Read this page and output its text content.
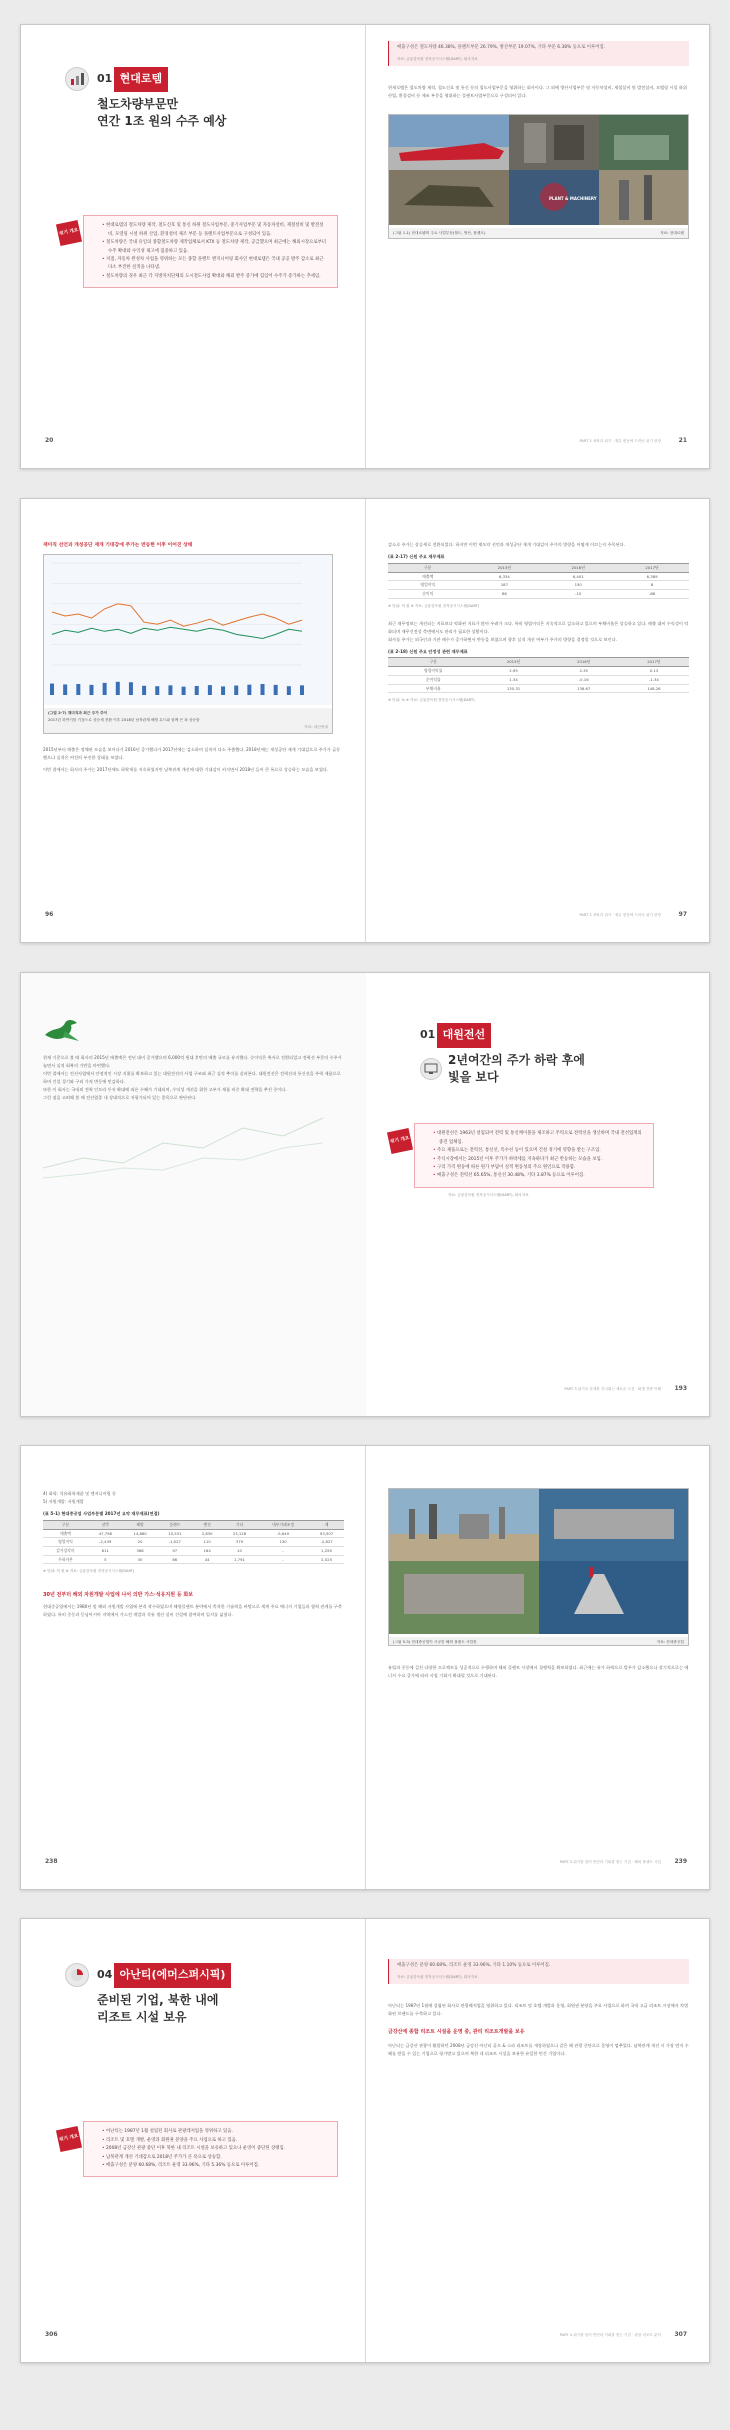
01 현대로템
철도차량부문만
연간 1조 원의 수주 예상
위기 개요
• 현대로템의 철도차량 제작, 철도신호 및 통신 하위 철도사업부문, 중기사업부문 및 자동차설비, 제철설비 및 발전설비, 모델링 시설 하위 산업, 환경설비 제조 부문 등 플랜트사업부문으로 구성되어 있음.
• 철도차량은 국내 유일의 종합철도차량 제작업체로서 KTX 등 철도차량 제작, 공급했으며 최근에는 해외시장으로부터 수주 확대와 수익성 제고에 집중하고 있음.
• 저점, 자동차 완성차 사업을 영위하는 모든 종합 플랜트 엔지니어링 회사인 현대로템은 국내 공공 발주 감소로 최근 다소 부진한 실적을 나타냄.
• 철도차량의 경우 최근 각 지방자치단체의 도시철도사업 확대와 해외 발주 증가에 힘입어 수주가 증가하는 추세임.
20
매출구성은 철도차량 46.38%, 플랜트부문 26.79%, 방산부문 19.07%, 기타 부문 6.38% 등으로 이루어짐.
자료: 금융감독원 전자공시시스템(DART), 회사자료

현재로템은 철도차량 제작, 철도신호 및 통신 등의 철도사업부문을 영위하는 회사이다. 그 외에 방산사업부문 및 자동차설비, 제철설비 및 발전설비, 모델링 시설 하위 산업, 환경설비 등 제조 부문을 영위하는 플랜트사업부문으로 구성되어 있다.

PLANT & MACHINERY
(그림 1-1) 현대로템의 주요 사업부문(철도, 방산, 플랜트)	자료: 현대로템
PART 2 쇠락과 위기 · 재무 변동에 드러난 위기 현장	21
재미직 선언과 개성공단 재개 기대감에 주가는 반등한 이후 이어진 상태
(그림 2-7) 재미직과 최근 주가 추이
2017년 하반기를 기점으로 상승세 전환 이후 2018년 남북관계 해빙 무드와 함께 큰 폭 상승함
자료: 대신증권

2015년부터 매출은 정체된 모습을 보이다가 2016년 증가했다가 2017년에는 감소하며 실적이 다소 주춤했다. 2018년에는 개성공단 재개 기대감으로 주가가 급등했으나 실적은 여전히 부진한 상태를 보였다.

이번 절에서는 회사의 주가는 2017년에도 하락세를 지속하였지만 남북관계 개선에 대한 기대감이 커지면서 2018년 들어 큰 폭으로 상승하는 모습을 보였다.

96

감소로 주가는 상승세로 전환되었다. 하지만 이번 재도약 선언과 개성공단 재개 기대감이 주가의 방향을 어떻게 이끄는지 주목된다.

(표 2-17) 신원 주요 재무제표
구분	2015년	2016년	2017년
매출액	6,334	6,401	6,389
영업이익	187	150	8
순이익	86	-10	-86
※ 단위: 억 원 ※ 자료: 금융감독원 전자공시시스템(DART)

최근 재무정보는 개선되는 지표보다 악화된 지표가 많아 우려가 크다. 특히 영업이익은 지속적으로 감소하고 있으며 부채비율은 상승하고 있다. 매출 대비 수익성이 악화되며 재무건전성 측면에서도 관리가 필요한 상황이다.

회사를 주가는 외국인과 기관 매수가 증가하면서 반등을 보였으며 향후 실적 개선 여부가 주가의 방향을 결정할 것으로 보인다.

(표 2-18) 신원 주요 안정성 관련 재무제표
구분	2015년	2016년	2017년
영업이익률	2.95	2.35	0.13
순이익률	1.34	-0.16	-1.34
부채비율	135.31	138.67	148.26
※ 단위: % ※ 자료: 금융감독원 전자공시시스템(DART)
PART 2 쇠락과 위기 · 재무 변동에 드러난 위기 현장	97

현재 기준으로 볼 때 회사의 2015년 매출액은 전년 대비 증가했으며 6,000억 원대 후반의 매출 규모를 유지했다. 순이익은 흑자로 전환되었고 전력선 부문의 수주가 늘면서 실적 회복의 기반을 마련했다.

이번 절에서는 전선사업에서 안정적인 시장 지위를 확보하고 있는 대원전선의 사업 구조와 최근 실적 추이를 살펴본다. 대원전선은 전력선과 통신선을 주력 제품으로 하며 건설 경기와 구리 가격 변동에 민감하다.

또한 이 회사는 국내외 전력 인프라 투자 확대에 따른 수혜가 기대되며, 수익성 개선을 위한 고부가 제품 비중 확대 전략을 추진 중이다.

그런 점을 고려해 볼 때 전선업종 내 상대적으로 저평가되어 있는 종목으로 판단된다.

01 대원전선
2년여간의 주가 하락 후에
빛을 보다
위기 개요
• 대원전선은 1963년 설립되어 전력 및 통신케이블을 제조하고 주력으로 전력선을 생산하며 국내 전선업계의 중견 업체임.
• 주요 제품으로는 전력선, 통신선, 특수선 등이 있으며 건설 경기에 영향을 받는 구조임.
• 주식시장에서는 2015년 이후 주가가 하락세를 지속하다가 최근 반등하는 모습을 보임.
• 구리 가격 변동에 따른 원가 부담이 실적 변동성의 주요 원인으로 작용함.
• 매출구성은 전력선 65.65%, 통신선 30.48%, 기타 3.87% 등으로 이루어짐.
자료: 금융감독원 전자공시시스템(DART), 회사자료
PART 3 위기의 한계를 건너뛰는 새로운 도전 · 회생 전략 이해 193

4) 화학: 석유화학제품 및 엔지니어링 등

5) 자원개발: 자원개발

(표 5-1) 현대중공업 사업부문별 2017년 요약 재무제표(연결)
구분	선박	해양	플랜트	엔진	기타	내부거래조정	계
매출액	47,798	14,860	10,531	2,830	23,128	-5,640	93,507
영업이익	-2,439	20	-1,027	110	379	130	-2,827
감가상각비	611	368	97	164	10	-	1,250
투하자본	5	30	86	44	1,791	-	2,025
※ 단위: 억 원 ※ 자료: 금융감독원 전자공시시스템(DART)
30년 전부터 해외 자원개발 사업에 나서 의반 가스·석유지원 등 화보

현대중공업에서는 1980년 말 해외 자원개발 사업에 본격 착수하였으며 해양플랜트 분야에서 축적한 기술력을 바탕으로 세계 주요 에너지 기업들과 협력 관계를 구축하였다. 특히 중동과 동남아시아 지역에서 가스전 개발과 석유 생산 설비 건설에 참여하며 입지를 넓혔다.

238
(그림 5-3) 현대중공업이 시공한 해외 플랜트 사업장	자료: 현대중공업

유럽과 중동에 걸친 다양한 프로젝트를 성공적으로 수행하며 해외 플랜트 시장에서 경쟁력을 확보하였다. 최근에는 유가 하락으로 발주가 감소했으나 장기적으로는 에너지 수요 증가에 따라 사업 기회가 확대될 것으로 기대된다.

PART 3 위기를 넘어 반전의 기회를 찾는 기업 · 해외 플랜트 사업 239
04 아난티(에머스퍼시픽)
준비된 기업, 북한 내에
리조트 시설 보유
위기 개요
• 아난티는 1987년 1월 설립된 회사로 관광레저업을 영위하고 있음.
• 리조트 및 호텔 개발, 운영과 회원권 분양을 주요 사업으로 하고 있음.
• 2008년 금강산 관광 중단 이후 북한 내 리조트 시설을 보유하고 있으나 운영이 중단된 상태임.
• 남북관계 개선 기대감으로 2018년 주가가 큰 폭으로 상승함.
• 매출구성은 분양 60.68%, 리조트 운영 33.96%, 기타 5.36% 등으로 이루어짐.
306
매출구성은 분양 60.68%, 리조트 운영 33.96%, 기타 1.10% 등으로 이루어짐.
자료: 금융감독원 전자공시시스템(DART), 회사자료

아난티는 1987년 1월에 설립된 회사로 관광레저업을 영위하고 있다. 리조트 및 호텔 개발과 운영, 회원권 분양을 주요 사업으로 하며 국내 고급 리조트 시장에서 차별화된 브랜드를 구축하고 있다.

금강산에 종합 리조트 시설을 운영 중, 관리 리조트개발을 보유

아난티는 금강산 관광이 활발하던 2008년 금강산 아난티 골프 & 스파 리조트를 개장하였으나 같은 해 관광 중단으로 운영이 멈추었다. 남북관계 개선 시 가장 먼저 수혜를 받을 수 있는 기업으로 평가받고 있으며 북한 내 리조트 시설을 보유한 유일한 민간 기업이다.

PART 4 위기를 넘어 반전의 기회를 찾는 기업 · 관광 리조트 분야 307
